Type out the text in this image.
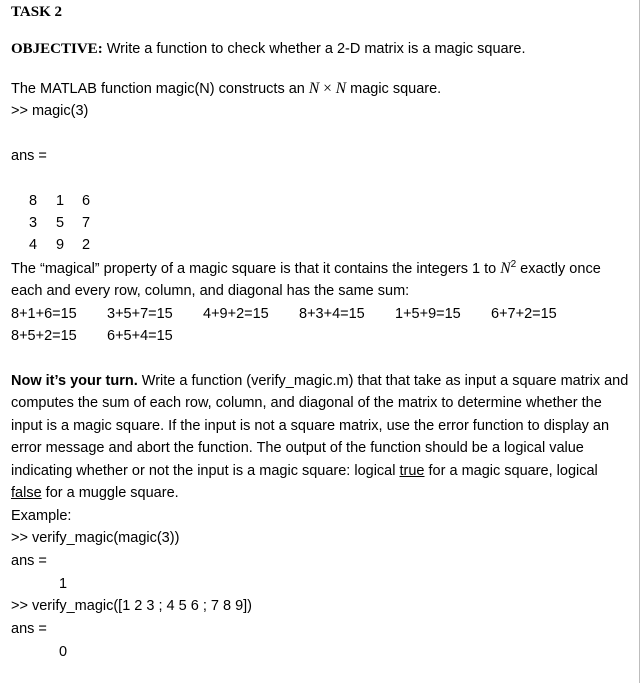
TASK 2
OBJECTIVE: Write a function to check whether a 2-D matrix is a magic square.
The MATLAB function magic(N) constructs an N × N magic square.
>> magic(3)
ans =
8 1 6
3 5 7
4 9 2
The “magical” property of a magic square is that it contains the integers 1 to $N^2$ exactly once
each and every row, column, and diagonal has the same sum:
8+1+6=15 3+5+7=15 4+9+2=15 8+3+4=15 1+5+9=15 6+7+2=15
8+5+2=15 6+5+4=15
Now it’s your turn. Write a function (verify_magic.m) that that take as input a square matrix and computes the sum of each row, column, and diagonal of the matrix to determine whether the input is a magic square. If the input is not a square matrix, use the error function to display an error message and abort the function. The output of the function should be a logical value indicating whether or not the input is a magic square: logical true for a magic square, logical
false for a muggle square.
Example:
>> verify_magic(magic(3))
ans =
1
>> verify_magic([1 2 3 ; 4 5 6 ; 7 8 9])
ans =
0
